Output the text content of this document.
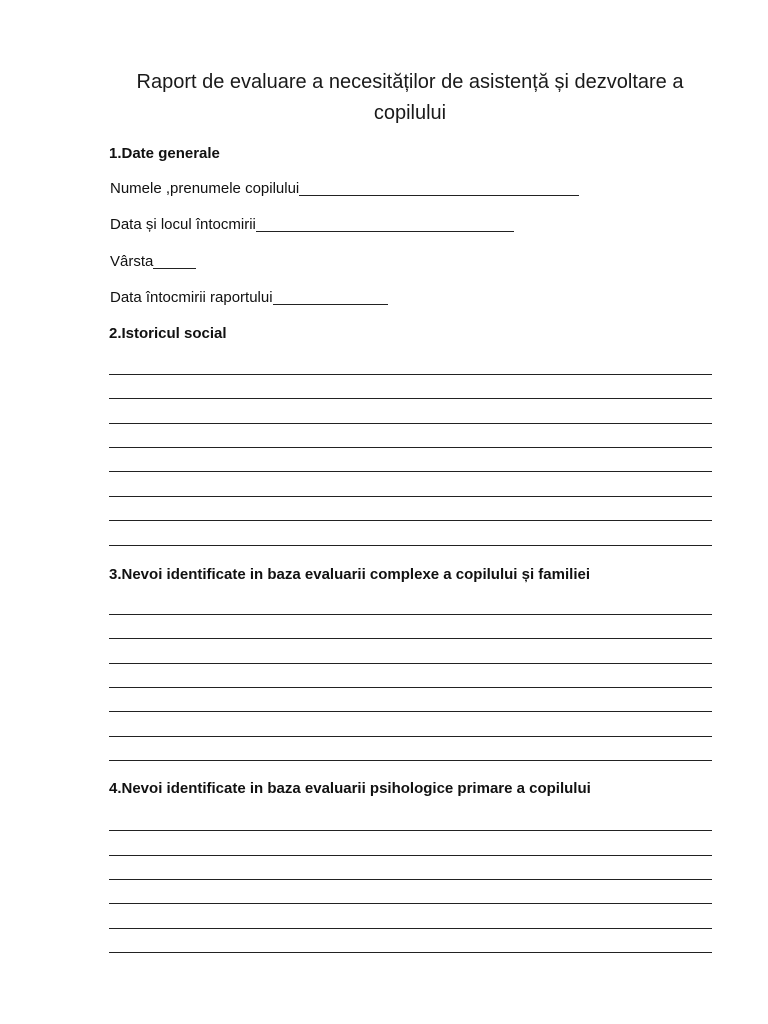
Raport de evaluare a necesităților de asistență și dezvoltare a
copilului
1.Date generale
Numele ,prenumele copilului
Data și locul întocmirii
Vârsta
Data întocmirii raportului
2.Istoricul social
3.Nevoi identificate in baza evaluarii complexe a copilului și familiei
4.Nevoi identificate in baza evaluarii psihologice primare a copilului
